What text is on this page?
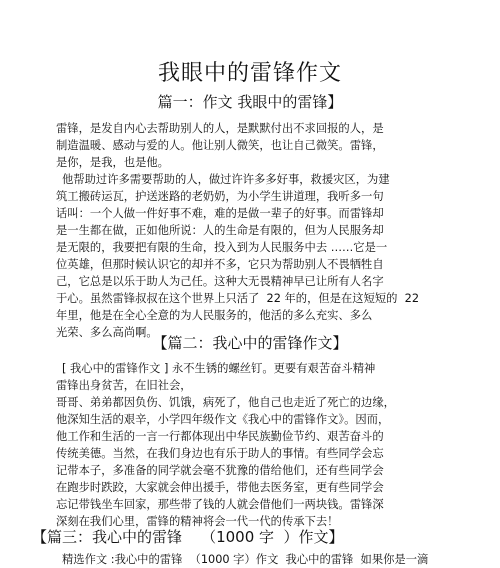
我眼中的雷锋作文
篇一：作文 我眼中的雷锋】
雷锋，是发自内心去帮助别人的人，是默默付出不求回报的人，是
制造温暖、感动与爱的人。他让别人微笑，也让自己微笑。雷锋，
是你，是我，也是他。
他帮助过许多需要帮助的人，做过许许多多好事，救援灾区，为建
筑工搬砖运瓦，护送迷路的老奶奶，为小学生讲道理，我听多一句
话叫：一个人做一件好事不难，难的是做一辈子的好事。而雷锋却
是一生都在做，正如他所说：人的生命是有限的，但为人民服务却
是无限的，我要把有限的生命，投入到为人民服务中去 ……它是一
位英雄，但那时候认识它的却并不多，它只为帮助别人不畏牺牲自
己，它总是以乐于助人为己任。这种大无畏精神早已让所有人名字
于心。虽然雷锋叔叔在这个世界上只活了  22 年的，但是在这短短的  22
年里，他是在全心全意的为人民服务的，他活的多么充实、多么
光荣、多么高尚啊。
【篇二：我心中的雷锋作文】
[ 我心中的雷锋作文 ] 永不生锈的螺丝钉。更要有艰苦奋斗精神
雷锋出身贫苦，在旧社会，
哥哥、弟弟都因负伤、饥饿，病死了，他自己也走近了死亡的边缘，
他深知生活的艰辛，小学四年级作文《我心中的雷锋作文》。因而，
他工作和生活的一言一行都体现出中华民族勤俭节约、艰苦奋斗的
传统美德。当然，在我们身边也有乐于助人的事情。有些同学会忘
记带本子，多准备的同学就会毫不犹豫的借给他们，还有些同学会
在跑步时跌跤，大家就会伸出援手，带他去医务室，更有些同学会
忘记带钱坐车回家，那些带了钱的人就会借他们一两块钱。雷锋深
深刻在我们心里，雷锋的精神将会一代一代的传承下去！
【篇三：我心中的雷锋    （1000 字  ）作文】
精选作文 :我心中的雷锋  （1000 字）作文  我心中的雷锋  如果你是一滴
